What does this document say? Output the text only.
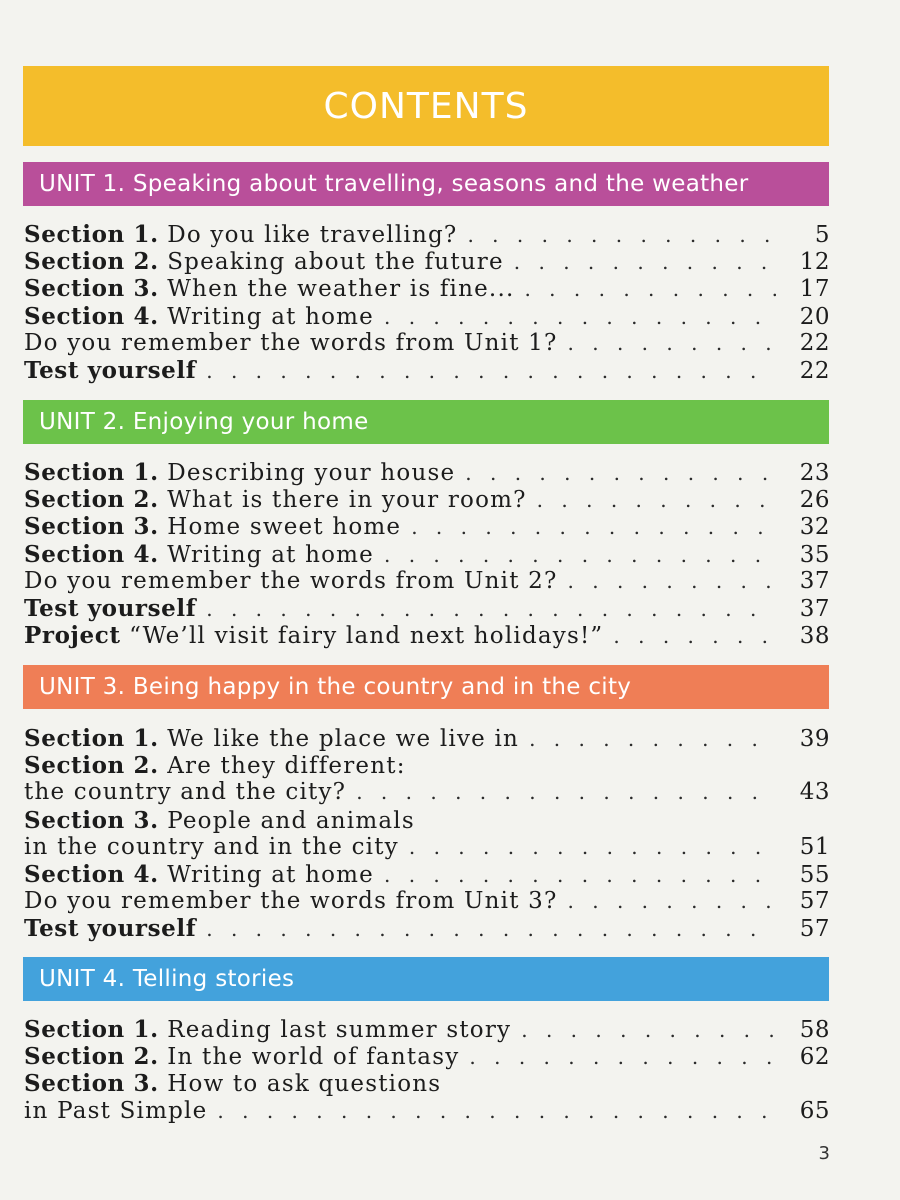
CONTENTS
UNIT 1. Speaking about travelling, seasons and the weather
Section 1. Do you like travelling? . . .	5
Section 2. Speaking about the future . . .	12
Section 3. When the weather is fine... . . .	17
Section 4. Writing at home . . .	20
Do you remember the words from Unit 1? . . .	22
Test yourself . . .	22
UNIT 2. Enjoying your home
Section 1. Describing your house . . .	23
Section 2. What is there in your room? . . .	26
Section 3. Home sweet home . . .	32
Section 4. Writing at home . . .	35
Do you remember the words from Unit 2? . . .	37
Test yourself . . .	37
Project “We’ll visit fairy land next holidays!” . . .	38
UNIT 3. Being happy in the country and in the city
Section 1. We like the place we live in . . .	39
Section 2. Are they different:
the country and the city? . . .	43
Section 3. People and animals
in the country and in the city . . .	51
Section 4. Writing at home . . .	55
Do you remember the words from Unit 3? . . .	57
Test yourself . . .	57
UNIT 4. Telling stories
Section 1. Reading last summer story . . .	58
Section 2. In the world of fantasy . . .	62
Section 3. How to ask questions
in Past Simple . . .	65
3
